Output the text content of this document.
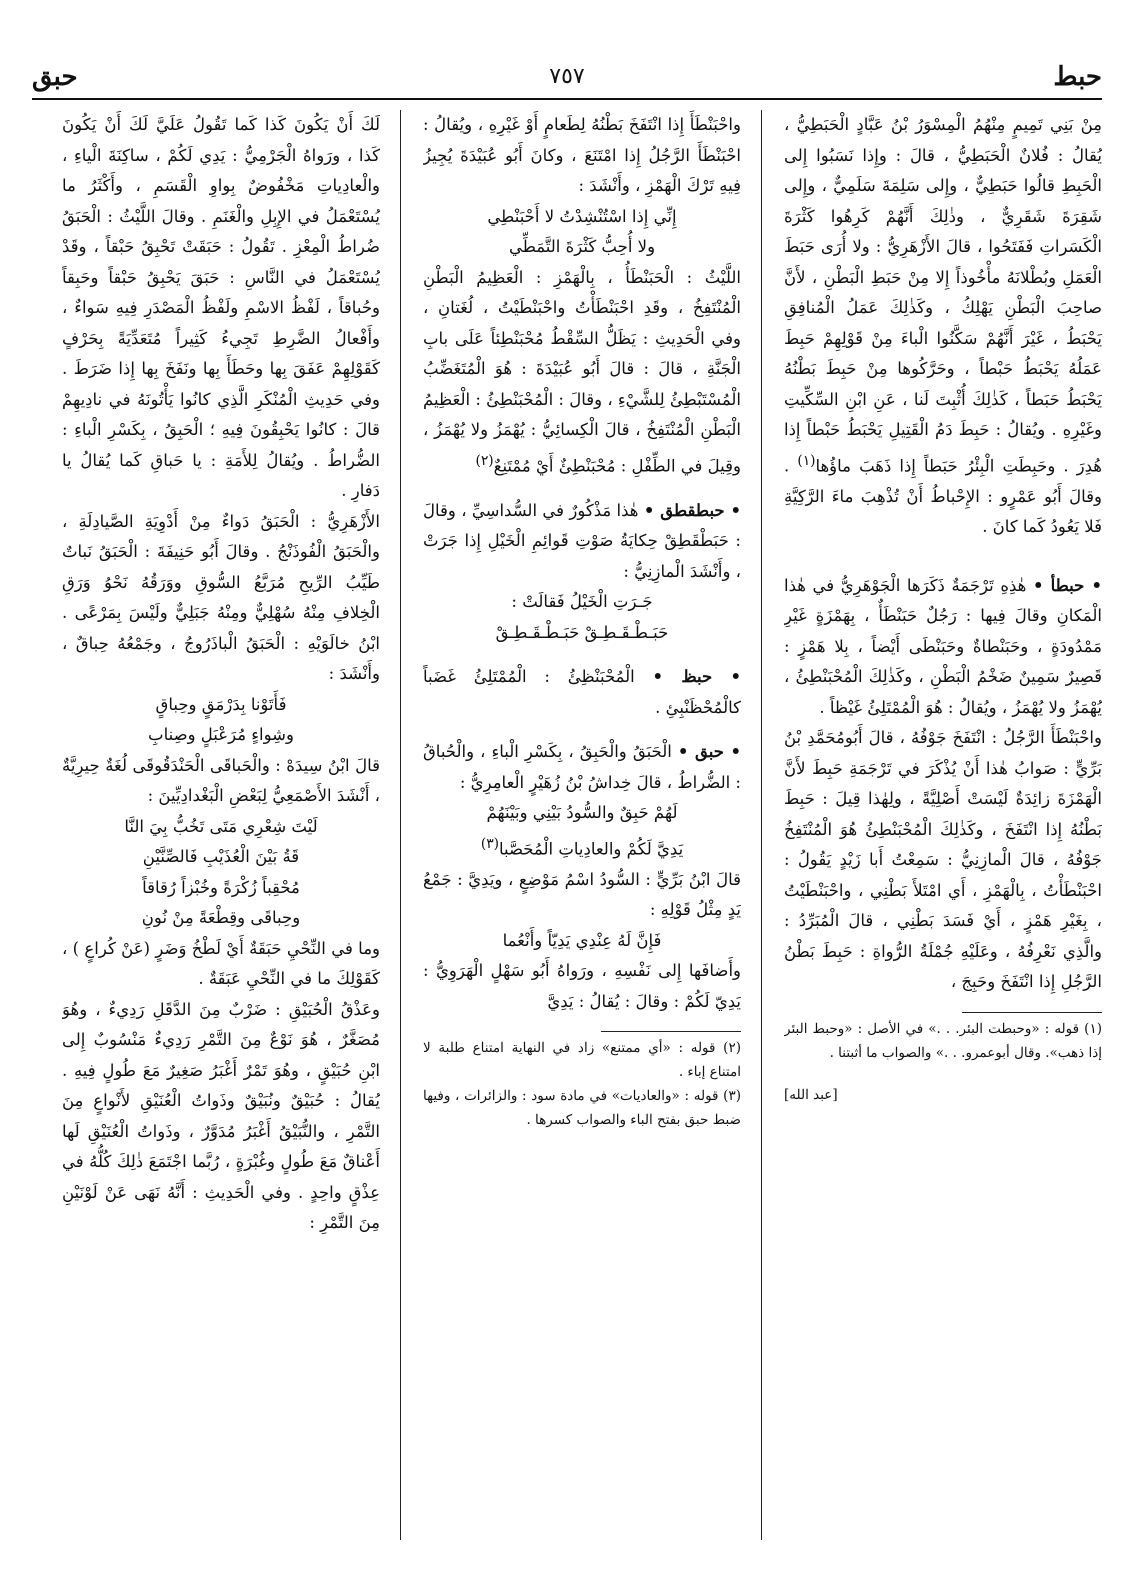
حبط
٧٥٧
حبق

مِنْ بَنِي تَمِيمٍ مِنْهُمُ الْمِسْوَرُ بْنُ عَبَّادٍ الْحَبَطِيُّ ، يُقالُ : فُلانٌ الْحَبَطِيُّ ، قالَ : وإِذا نَسَبُوا إِلى الْحَبِطِ قالُوا حَبَطِيٌّ ، وإِلى سَلِمَةَ سَلَمِيٌّ ، وإِلى شَقِرَةَ شَقَرِيٌّ ، وذٰلِكَ أَنَّهُمْ كَرِهُوا كَثْرَةَ الْكَسَراتِ فَفَتَحُوا ، قالَ الأَزْهَرِيُّ : ولا أُرَى حَبَطَ الْعَمَلِ وبُطْلانَهُ مأْخُوذاً إِلا مِنْ حَبَطِ الْبَطْنِ ، لأَنَّ صاحِبَ الْبَطْنِ يَهْلِكُ ، وكَذٰلِكَ عَمَلُ الْمُنافِقِ يَحْبَطُ ، غَيْرَ أَنَّهُمْ سَكَّنُوا الْباءَ مِنْ قَوْلِهِمْ حَبِطَ عَمَلُهُ يَحْبَطُ حَبْطاً ، وحَرَّكُوها مِنْ حَبِطَ بَطْنُهُ يَحْبَطُ حَبَطاً ، كَذٰلِكَ أُثْبِتَ لَنا ، عَنِ ابْنِ السِّكِّيتِ وغَيْرِهِ . ويُقالُ : حَبِطَ دَمُ الْقَتِيلِ يَحْبَطُ حَبْطاً إِذا هُدِرَ . وحَبِطَتِ الْبِئْرُ حَبَطاً إِذا ذَهَبَ ماؤُها$^{(١)}$ . وقالَ أَبُو عَمْرٍو : الإِحْباطُ أَنْ تُذْهِبَ ماءَ الرَّكِيَّةِ فَلا يَعُودُ كَما كانَ .

• حبطأ • هٰذِهِ تَرْجَمَةٌ ذَكَرَها الْجَوْهَرِيُّ في هٰذا الْمَكانِ وقالَ فِيها : رَجُلٌ حَبَنْطَأٌ ، بِهَمْزَةٍ غَيْرِ مَمْدُودَةٍ ، وحَبَنْطاةٌ وحَبَنْطَى أَيْضاً ، بِلا هَمْزٍ : قَصِيرٌ سَمِينٌ ضَخْمُ الْبَطْنِ ، وكَذٰلِكَ الْمُحْبَنْطِئُ ، يُهْمَزُ ولا يُهْمَزُ ، ويُقالُ : هُوَ الْمُمْتَلِئُ غَيْظاً .

واحْبَنْطَأَ الرَّجُلُ : انْتَفَخَ جَوْفُهُ ، قالَ أَبُومُحَمَّدِ بْنُ بَرِّيٍّ : صَوابُ هٰذا أَنْ يُذْكَرَ في تَرْجَمَةِ حَبِطَ لأَنَّ الْهَمْزَةَ زائِدَةٌ لَيْسَتْ أَصْلِيَّةً ، ولِهٰذا قِيلَ : حَبِطَ بَطْنُهُ إِذا انْتَفَخَ ، وكَذٰلِكَ الْمُحْبَنْطِئُ هُوَ الْمُنْتَفِخُ جَوْفُهُ ، قالَ الْمازِنِيُّ : سَمِعْتُ أَبا زَيْدٍ يَقُولُ : احْبَنْطَأْتُ ، بِالْهَمْزِ ، أَي امْتَلأَ بَطْنِي ، واحْبَنْطَيْتُ ، بِغَيْرِ هَمْزٍ ، أَيْ فَسَدَ بَطْنِي ، قالَ الْمُبَرِّدُ : والَّذِي نَعْرِفُهُ ، وعَلَيْهِ جُمْلَةُ الرُّواةِ : حَبِطَ بَطْنُ الرَّجُلِ إِذا انْتَفَخَ وحَبِجَ ،

(١) قوله : «وحبطت البئر. . .» في الأصل : «وحبط البئر إذا ذهب». وقال أبوعمرو. . .» والصواب ما أثبتنا .

[عبد الله]

واحْبَنْطَأَ إِذا انْتَفَخَ بَطْنُهُ لِطَعامٍ أَوْ غَيْرِهِ ، ويُقالُ : احْبَنْطَأَ الرَّجُلُ إِذا امْتَنَعَ ، وكانَ أَبُو عُبَيْدَةَ يُجِيزُ فِيهِ تَرْكَ الْهَمْزِ ، وأَنْشَدَ :

إِنِّي إِذا اسْتُنْشِدْتُ لا أَحْبَنْطِي

ولا أُحِبُّ كَثْرَةَ التَّمَطِّي

اللَّيْثُ : الْحَبَنْطَأُ ، بِالْهَمْزِ : الْعَظِيمُ الْبَطْنِ الْمُنْتَفِخُ ، وقَدِ احْبَنْطَأْتُ واحْبَنْطَيْتُ ، لُغَتانِ ، وفي الْحَدِيثِ : يَظَلُّ السِّقْطُ مُحْبَنْطِئاً عَلَى بابِ الْجَنَّةِ ، قالَ : قالَ أَبُو عُبَيْدَةَ : هُوَ الْمُتَغَضِّبُ الْمُسْتَبْطِئُ لِلشَّيْءِ ، وقالَ : الْمُحْبَنْطِئُ : الْعَظِيمُ الْبَطْنِ الْمُنْتَفِخُ ، قالَ الْكِسائِيُّ : يُهْمَزُ ولا يُهْمَزُ ، وقِيلَ في الطِّفْلِ : مُحْبَنْطِئٌ أَيْ مُمْتَنِعٌ$^{(٢)}$

• حبطقطق • هٰذا مَذْكُورٌ في السُّداسِيِّ ، وقالَ : حَبَطْقَطِقْ حِكايَةُ صَوْتِ قَوائِمِ الْخَيْلِ إِذا جَرَتْ ، وأَنْشَدَ الْمازِنِيُّ :

جَـرَتِ الْخَيْلُ فَقالَتْ :

حَبَـطْـقَـطِـقْ حَبَـطْـقَـطِـقْ

• حبظ • الْمُحْبَنْظِئُ : الْمُمْتَلِئُ غَضَباً كالْمُحْظَنْبِئِ .

• حبق • الْحَبَقُ والْحَبِقُ ، بِكَسْرِ الْباءِ ، والْحُباقُ : الضُّراطُ ، قالَ خِداشُ بْنُ زُهَيْرٍ الْعامِرِيُّ :

لَهُمْ حَبِقٌ والسُّودُ بَيْنِي وبَيْنَهُمْ

يَدِيَّ لَكُمْ والعادِياتِ الْمُحَصَّبا$^{(٣)}$

قالَ ابْنُ بَرِّيٍّ : السُّودُ اسْمُ مَوْضِعٍ ، ويَدِيَّ : جَمْعُ يَدٍ مِثْلُ قَوْلِهِ :

فَإِنَّ لَهُ عِنْدِي يَدِيّاً وأَنْعُما

وأَضافَها إِلى نَفْسِهِ ، ورَواهُ أَبُو سَهْلٍ الْهَرَوِيُّ : يَدِيّ لَكُمْ : وقالَ : يُقالُ : يَدِيَّ

(٢) قوله : «أي ممتنع» زاد في النهاية امتناع طلبة لا امتناع إباء .

(٣) قوله : «والعاديات» في مادة سود : والزائرات ، وفيها ضبط حبق بفتح الباء والصواب كسرها .

لَكَ أَنْ يَكُونَ كَذا كَما تَقُولُ عَلَيَّ لَكَ أَنْ يَكُونَ كَذا ، ورَواهُ الْجَرْمِيُّ : يَدِي لَكُمْ ، ساكِنَةَ الْياءِ ، والْعادِياتِ مَخْفُوضٌ بِواوِ الْقَسَمِ ، وأَكْثَرُ ما يُسْتَعْمَلُ في الإِبِلِ والْغَنَمِ . وقالَ اللَّيْثُ : الْحَبَقُ ضُراطُ الْمِعْزِ . تَقُولُ : حَبَقَتْ تَحْبِقُ حَبْقاً ، وقَدْ يُسْتَعْمَلُ في النَّاسِ : حَبَقَ يَحْبِقُ حَبْقاً وحَبِقاً وحُباقاً ، لَفْظُ الاسْمِ ولَفْظُ الْمَصْدَرِ فِيهِ سَواءٌ ، وأَفْعالُ الضَّرِطِ تَجِيءُ كَثِيراً مُتَعَدِّيَةً بِحَرْفٍ كَقَوْلِهِمْ عَفَقَ بِها وحَطَأَ بِها ونَفَخَ بِها إِذا ضَرَطَ . وفي حَدِيثِ الْمُنْكَرِ الَّذِي كانُوا يَأْتُونَهُ في نادِيهِمْ قالَ : كانُوا يَحْبِقُونَ فِيهِ ؛ الْحَبِقُ ، بِكَسْرِ الْباءِ : الضُّراطُ . ويُقالُ لِلأَمَةِ : يا حَباقِ كَما يُقالُ يا دَفارِ .

الأَزْهَرِيُّ : الْحَبَقُ دَواءٌ مِنْ أَدْوِيَةِ الصَّيادِلَةِ ، والْحَبَقُ الْفُوذَنْجُ . وقالَ أَبُو حَنِيفَةَ : الْحَبَقُ نَباتٌ طَيِّبُ الرِّيحِ مُرَبَّعُ السُّوقِ ووَرَقُهُ نَحْوُ وَرَقِ الْخِلافِ مِنْهُ سُهْلِيٌّ ومِنْهُ جَبَلِيٌّ ولَيْسَ بِمَرْعًى . ابْنُ خالَوَيْهِ : الْحَبَقُ الْباذَرُوجُ ، وجَمْعُهُ حِباقٌ ، وأَنْشَدَ :

فَأَتَوْنا بِدَرْمَقٍ وحِباقٍ

وشِواءٍ مُرَعْبَلٍ وصِنابِ

قالَ ابْنُ سِيدَهْ : والْحَباقَى الْحَنْدَقُوقَى لُغَةٌ حِيرِيَّةٌ ، أَنْشَدَ الأَصْمَعِيُّ لِبَعْضِ الْبَغْدادِيِّينَ :

لَيْتَ شِعْرِي مَتَى تَخُبُّ بِيَ النَّا

قَةُ بَيْنَ الْعُذَيْبِ فَالصِّنَّيْنِ

مُحْقِباً زُكْرَةً وخُبْزاً رُقاقاً

وحِباقَى وقِطْعَةً مِنْ نُونِ

وما في النِّحْيِ حَبَقَةٌ أَيْ لَطْخُ وَضَرٍ (عَنْ كُراعٍ ) ، كَقَوْلِكَ ما في النِّحْيِ عَبَقَةٌ .

وعَذْقُ الْحُبَيْقِ : ضَرْبٌ مِنَ الدَّقَلِ رَدِيءٌ ، وهُوَ مُصَغَّرٌ ، هُوَ نَوْعٌ مِنَ التَّمْرِ رَدِيءٌ مَنْسُوبٌ إِلى ابْنِ حُبَيْقٍ ، وهُوَ تَمْرٌ أَغْبَرُ صَغِيرٌ مَعَ طُولٍ فِيهِ . يُقالُ : حُبَيْقٌ ونُبَيْقٌ وذَواتُ الْعُنَيْقِ لأَنْواعٍ مِنَ التَّمْرِ ، والنُّبَيْقُ أَغْبَرُ مُدَوَّرٌ ، وذَواتُ الْعُنَيْقِ لَها أَعْناقٌ مَعَ طُولٍ وغُبْرَةٍ ، رُبَّما اجْتَمَعَ ذٰلِكَ كُلُّهُ في عِذْقٍ واحِدٍ . وفي الْحَدِيثِ : أَنَّهُ نَهَى عَنْ لَوْنَيْنِ مِنَ التَّمْرِ :
